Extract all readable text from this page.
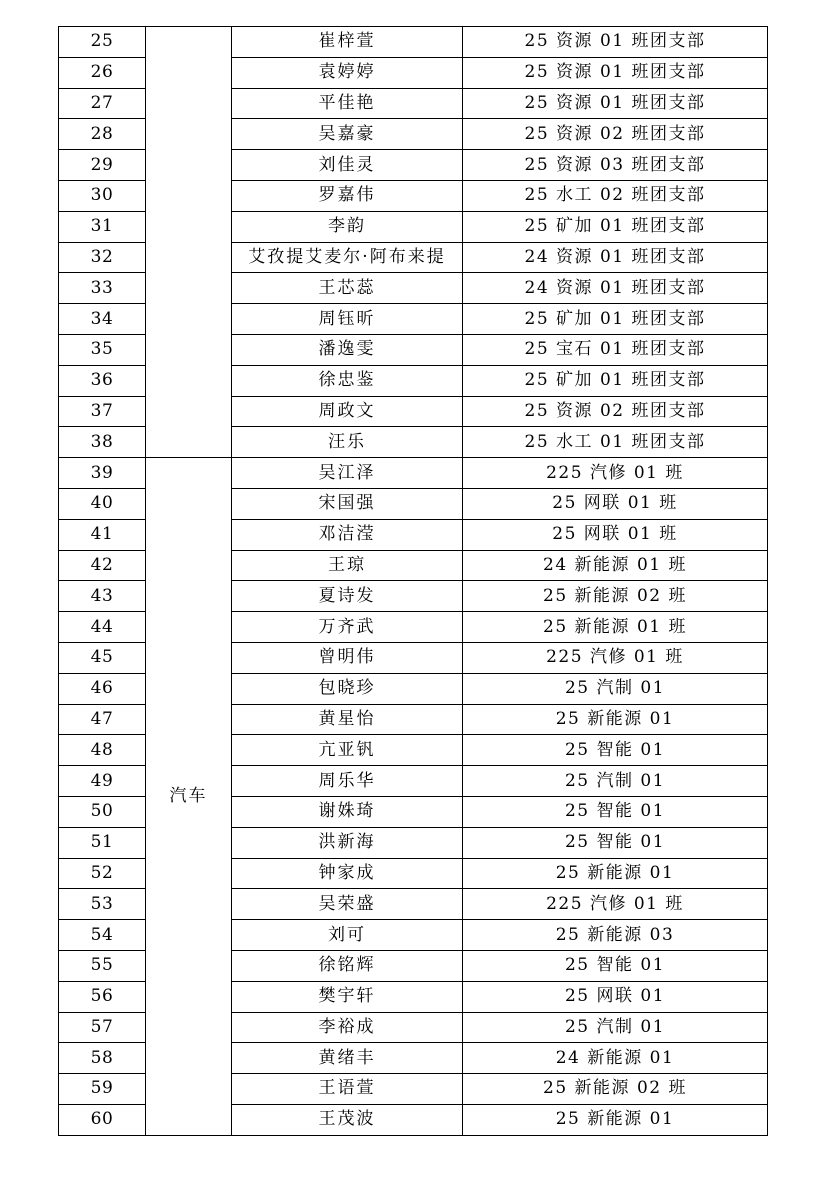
25		崔梓萱	25 资源 01 班团支部
26		袁婷婷	25 资源 01 班团支部
27		平佳艳	25 资源 01 班团支部
28		吴嘉豪	25 资源 02 班团支部
29		刘佳灵	25 资源 03 班团支部
30		罗嘉伟	25 水工 02 班团支部
31		李韵	25 矿加 01 班团支部
32		艾孜提艾麦尔·阿布来提	24 资源 01 班团支部
33		王芯蕊	24 资源 01 班团支部
34		周钰昕	25 矿加 01 班团支部
35		潘逸雯	25 宝石 01 班团支部
36		徐忠鉴	25 矿加 01 班团支部
37		周政文	25 资源 02 班团支部
38		汪乐	25 水工 01 班团支部
39	汽车	吴江泽	225 汽修 01 班
40		宋国强	25 网联 01 班
41		邓洁滢	25 网联 01 班
42		王琼	24 新能源 01 班
43		夏诗发	25 新能源 02 班
44		万齐武	25 新能源 01 班
45		曾明伟	225 汽修 01 班
46		包晓珍	25 汽制 01
47		黄星怡	25 新能源 01
48		亢亚钒	25 智能 01
49		周乐华	25 汽制 01
50		谢姝琦	25 智能 01
51		洪新海	25 智能 01
52		钟家成	25 新能源 01
53		吴荣盛	225 汽修 01 班
54		刘可	25 新能源 03
55		徐铭辉	25 智能 01
56		樊宇轩	25 网联 01
57		李裕成	25 汽制 01
58		黄绪丰	24 新能源 01
59		王语萱	25 新能源 02 班
60		王茂波	25 新能源 01
